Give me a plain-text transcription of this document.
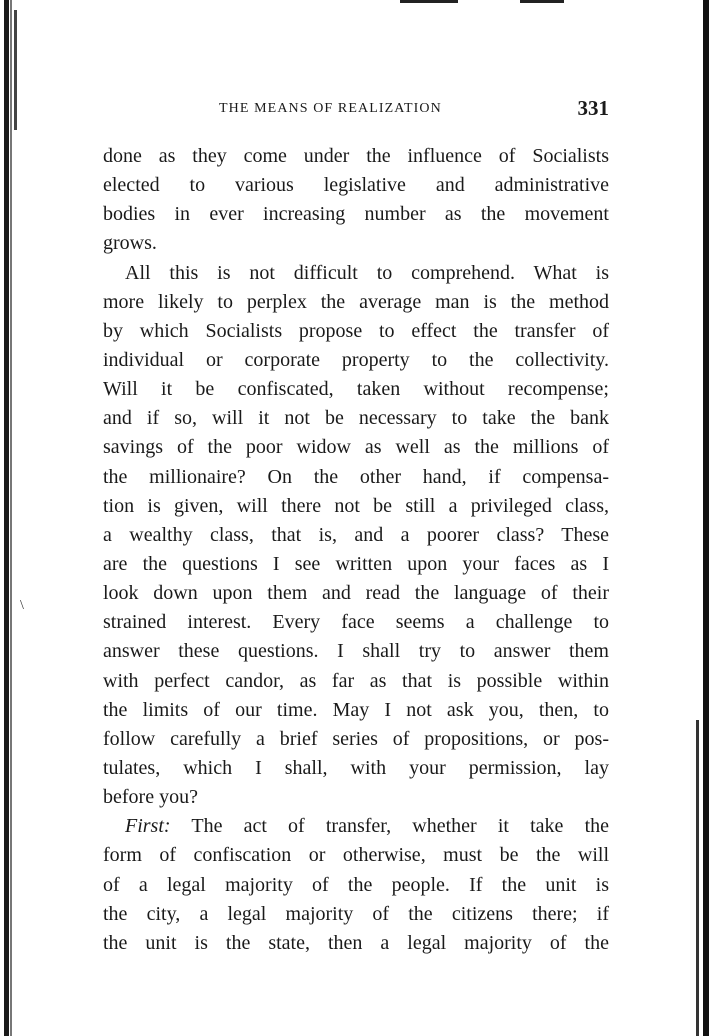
\
THE MEANS OF REALIZATION	331
done as they come under the influence of Socialists
elected to various legislative and administrative
bodies in ever increasing number as the movement
grows.
All this is not difficult to comprehend. What is
more likely to perplex the average man is the method
by which Socialists propose to effect the transfer of
individual or corporate property to the collectivity.
Will it be confiscated, taken without recompense;
and if so, will it not be necessary to take the bank
savings of the poor widow as well as the millions of
the millionaire? On the other hand, if compensa-
tion is given, will there not be still a privileged class,
a wealthy class, that is, and a poorer class? These
are the questions I see written upon your faces as I
look down upon them and read the language of their
strained interest. Every face seems a challenge to
answer these questions. I shall try to answer them
with perfect candor, as far as that is possible within
the limits of our time. May I not ask you, then, to
follow carefully a brief series of propositions, or pos-
tulates, which I shall, with your permission, lay
before you?
First: The act of transfer, whether it take the
form of confiscation or otherwise, must be the will
of a legal majority of the people. If the unit is
the city, a legal majority of the citizens there; if
the unit is the state, then a legal majority of the
